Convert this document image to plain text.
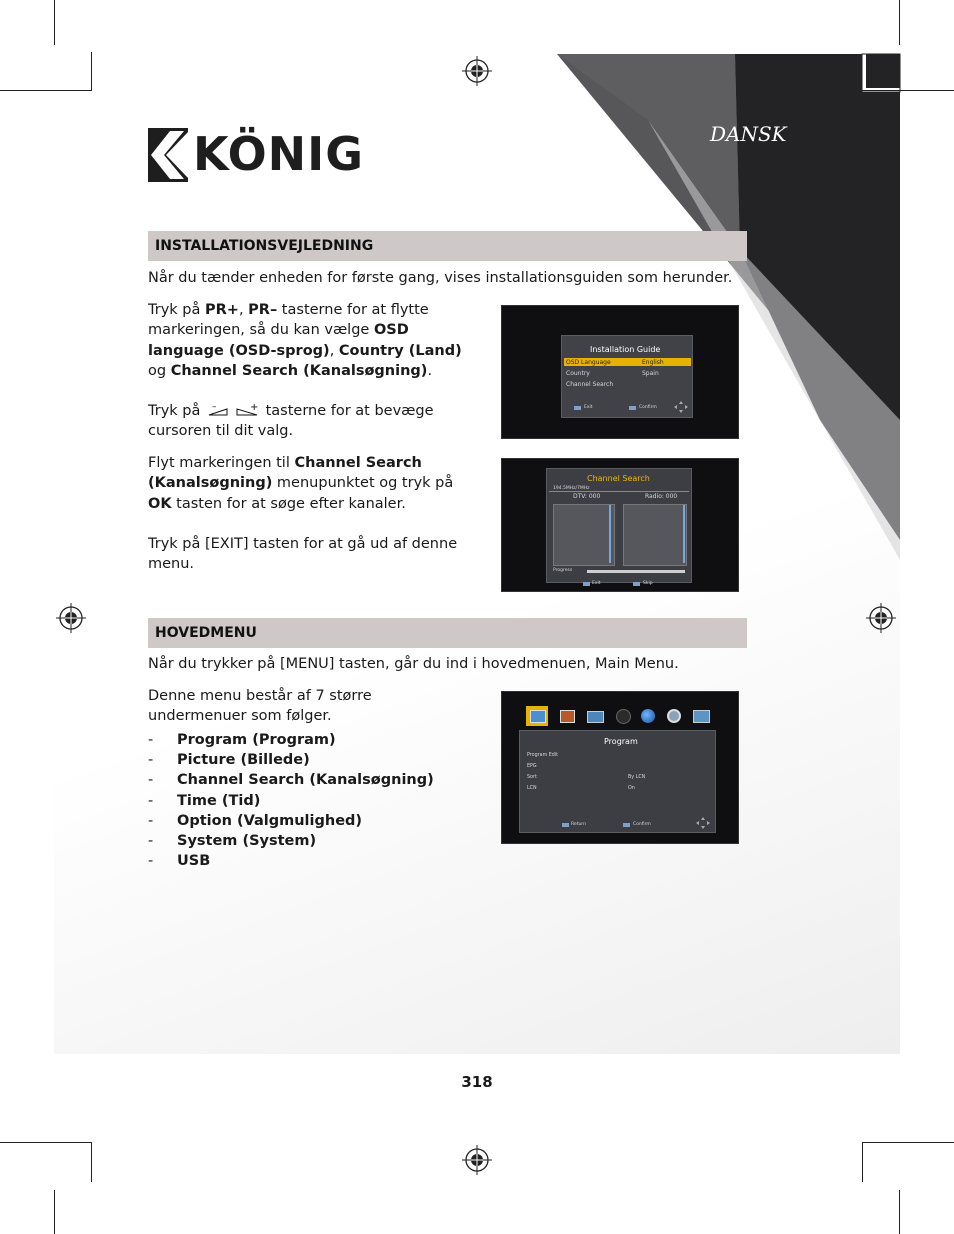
KÖNIG	DANSK
INSTALLATIONSVEJLEDNING
Når du tænder enheden for første gang, vises installationsguiden som herunder.
Tryk på PR+, PR– tasterne for at flytte markeringen, så du kan vælge OSD language (OSD-sprog), Country (Land) og Channel Search (Kanalsøgning).
Tryk på –	+ tasterne for at bevæge cursoren til dit valg.
Flyt markeringen til Channel Search (Kanalsøgning) menupunktet og tryk på OK tasten for at søge efter kanaler.
Tryk på [EXIT] tasten for at gå ud af denne menu.
Installation Guide
OSD Language	English
Country	Spain
Channel Search
Exit	Confirm
Channel Search
194.5MHz/7MHz
DTV: 000	Radio: 000
Progress
Exit	Skip
HOVEDMENU
Når du trykker på [MENU] tasten, går du ind i hovedmenuen, Main Menu.
Denne menu består af 7 større undermenuer som følger.
- Program (Program)
- Picture (Billede)
- Channel Search (Kanalsøgning)
- Time (Tid)
- Option (Valgmulighed)
- System (System)
- USB
Program
Program Edit
EPG
Sort	By LCN
LCN	On
Return	Confirm
318
